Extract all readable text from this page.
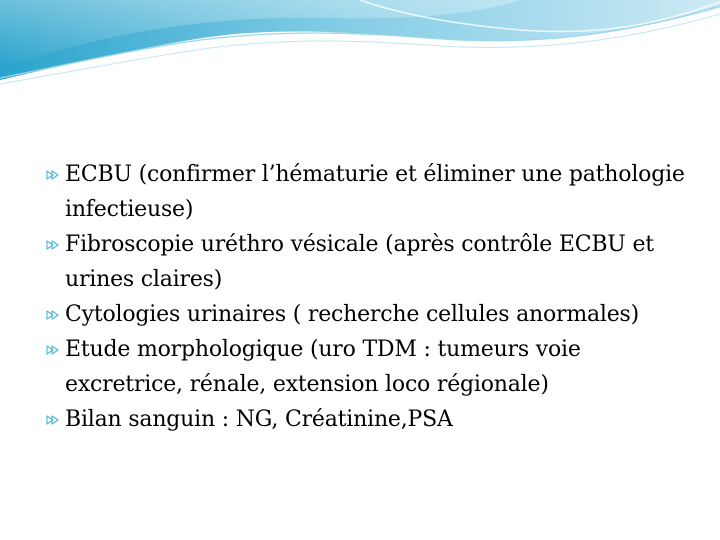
ECBU (confirmer l’hématurie et éliminer une pathologie infectieuse)
Fibroscopie uréthro vésicale (après contrôle ECBU et urines claires)
Cytologies urinaires ( recherche cellules anormales)
Etude morphologique (uro TDM : tumeurs voie excretrice, rénale, extension loco régionale)
Bilan sanguin : NG, Créatinine,PSA
